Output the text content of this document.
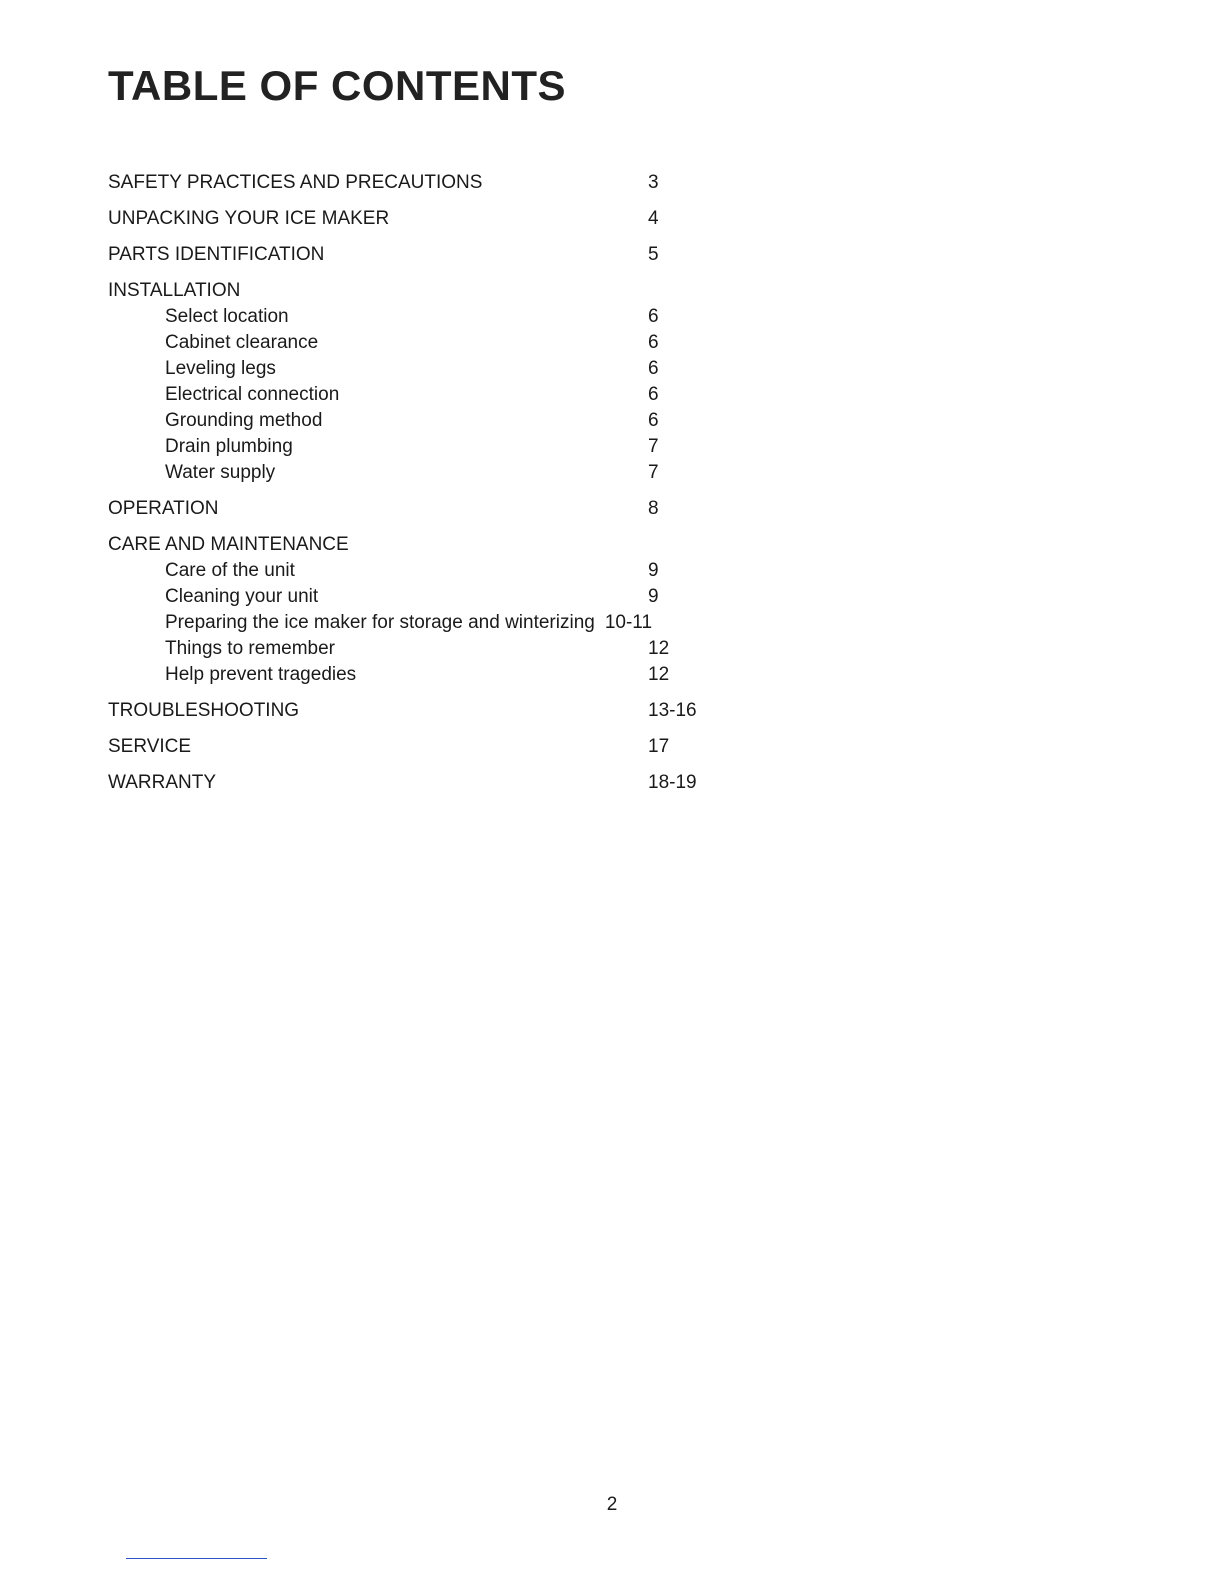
TABLE OF CONTENTS
SAFETY PRACTICES AND PRECAUTIONS	3
UNPACKING YOUR ICE MAKER	4
PARTS IDENTIFICATION	5
INSTALLATION
Select location	6
Cabinet clearance	6
Leveling legs	6
Electrical connection	6
Grounding method	6
Drain plumbing	7
Water supply	7
OPERATION	8
CARE AND MAINTENANCE
Care of the unit	9
Cleaning your unit	9
Preparing the ice maker for storage and winterizing 10-11
Things to remember	12
Help prevent tragedies	12
TROUBLESHOOTING	13-16
SERVICE	17
WARRANTY	18-19
2
